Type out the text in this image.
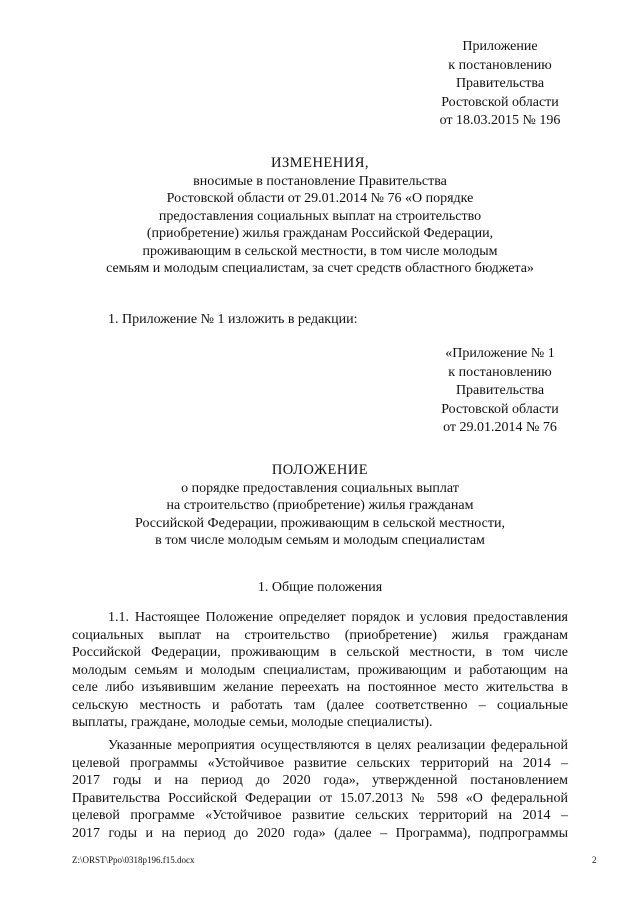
Приложение
к постановлению
Правительства
Ростовской области
от 18.03.2015 № 196
ИЗМЕНЕНИЯ,
вносимые в постановление Правительства
Ростовской области от 29.01.2014 № 76 «О порядке
предоставления социальных выплат на строительство
(приобретение) жилья гражданам Российской Федерации,
проживающим в сельской местности, в том числе молодым
семьям и молодым специалистам, за счет средств областного бюджета»
1. Приложение № 1 изложить в редакции:
«Приложение № 1
к постановлению
Правительства
Ростовской области
от 29.01.2014 № 76
ПОЛОЖЕНИЕ
о порядке предоставления социальных выплат
на строительство (приобретение) жилья гражданам
Российской Федерации, проживающим в сельской местности,
в том числе молодым семьям и молодым специалистам
1. Общие положения
1.1. Настоящее Положение определяет порядок и условия предоставления
социальных выплат на строительство (приобретение) жилья гражданам
Российской Федерации, проживающим в сельской местности, в том числе
молодым семьям и молодым специалистам, проживающим и работающим на
селе либо изъявившим желание переехать на постоянное место жительства в
сельскую местность и работать там (далее соответственно – социальные
выплаты, граждане, молодые семьи, молодые специалисты).
Указанные мероприятия осуществляются в целях реализации федеральной
целевой программы «Устойчивое развитие сельских территорий на 2014 –
2017 годы и на период до 2020 года», утвержденной постановлением
Правительства Российской Федерации от 15.07.2013 № 598 «О федеральной
целевой программе «Устойчивое развитие сельских территорий на 2014 –
2017 годы и на период до 2020 года» (далее – Программа), подпрограммы
Z:\ORST\Ppo\0318p196.f15.docx	2
